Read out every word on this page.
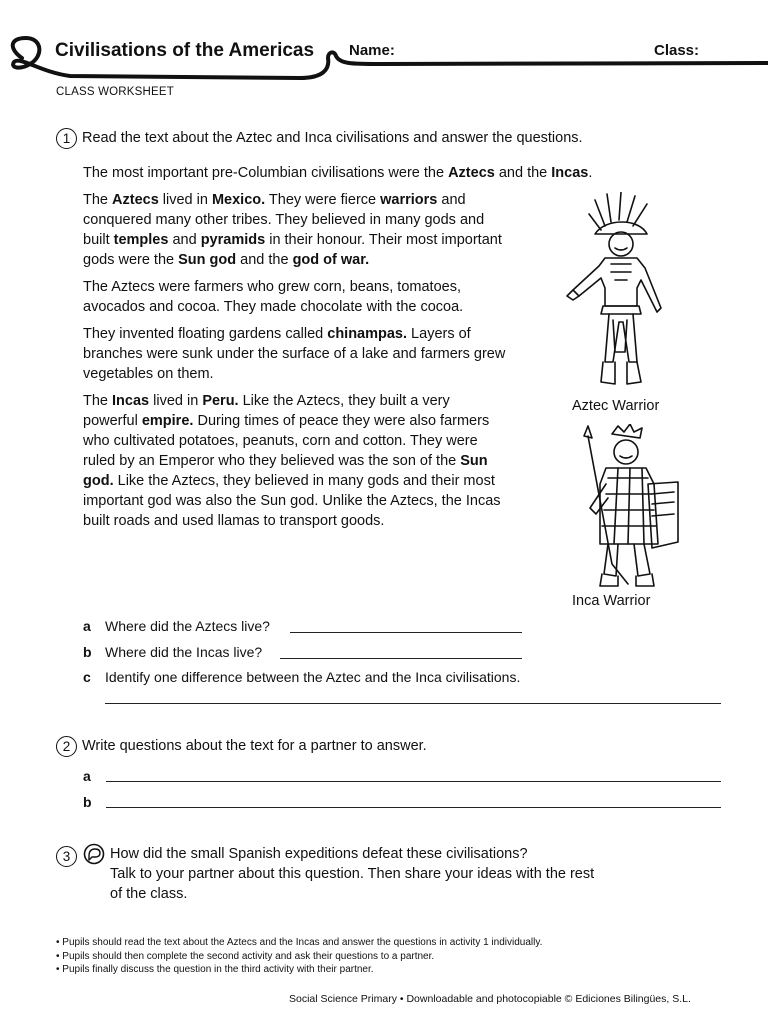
Civilisations of the Americas Name:	Class:
CLASS WORKSHEET
1 Read the text about the Aztec and Inca civilisations and answer the questions.
The most important pre-Columbian civilisations were the Aztecs and the Incas.

The Aztecs lived in Mexico. They were fierce warriors and conquered many other tribes. They believed in many gods and built temples and pyramids in their honour. Their most important gods were the Sun god and the god of war.

The Aztecs were farmers who grew corn, beans, tomatoes, avocados and cocoa. They made chocolate with the cocoa.

They invented floating gardens called chinampas. Layers of branches were sunk under the surface of a lake and farmers grew vegetables on them.

The Incas lived in Peru. Like the Aztecs, they built a very powerful empire. During times of peace they were also farmers who cultivated potatoes, peanuts, corn and cotton. They were ruled by an Emperor who they believed was the son of the Sun god. Like the Aztecs, they believed in many gods and their most important god was also the Sun god. Unlike the Aztecs, the Incas built roads and used llamas to transport goods.

Aztec Warrior
Inca Warrior
a Where did the Aztecs live?
b Where did the Incas live?
c Identify one difference between the Aztec and the Inca civilisations.
2 Write questions about the text for a partner to answer.
a
b
3	How did the small Spanish expeditions defeat these civilisations?
Talk to your partner about this question. Then share your ideas with the rest
of the class.
• Pupils should read the text about the Aztecs and the Incas and answer the questions in activity 1 individually.
• Pupils should then complete the second activity and ask their questions to a partner.
• Pupils finally discuss the question in the third activity with their partner.
Social Science Primary • Downloadable and photocopiable © Ediciones Bilingües, S.L.
